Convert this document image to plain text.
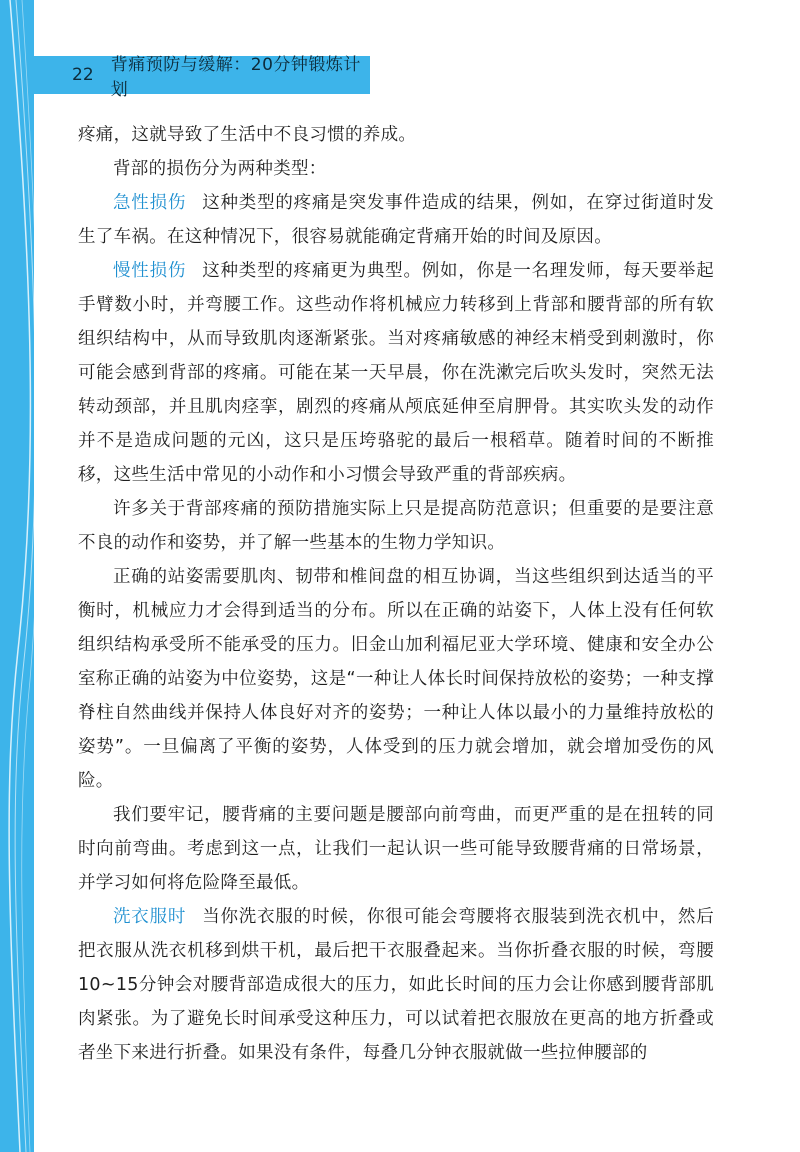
22	背痛预防与缓解：20分钟锻炼计划

疼痛，这就导致了生活中不良习惯的养成。

背部的损伤分为两种类型：

急性损伤 这种类型的疼痛是突发事件造成的结果，例如，在穿过街道时发生了车祸。在这种情况下，很容易就能确定背痛开始的时间及原因。

慢性损伤 这种类型的疼痛更为典型。例如，你是一名理发师，每天要举起手臂数小时，并弯腰工作。这些动作将机械应力转移到上背部和腰背部的所有软组织结构中，从而导致肌肉逐渐紧张。当对疼痛敏感的神经末梢受到刺激时，你可能会感到背部的疼痛。可能在某一天早晨，你在洗漱完后吹头发时，突然无法转动颈部，并且肌肉痉挛，剧烈的疼痛从颅底延伸至肩胛骨。其实吹头发的动作并不是造成问题的元凶，这只是压垮骆驼的最后一根稻草。随着时间的不断推移，这些生活中常见的小动作和小习惯会导致严重的背部疾病。

许多关于背部疼痛的预防措施实际上只是提高防范意识；但重要的是要注意不良的动作和姿势，并了解一些基本的生物力学知识。

正确的站姿需要肌肉、韧带和椎间盘的相互协调，当这些组织到达适当的平衡时，机械应力才会得到适当的分布。所以在正确的站姿下，人体上没有任何软组织结构承受所不能承受的压力。旧金山加利福尼亚大学环境、健康和安全办公室称正确的站姿为中位姿势，这是“一种让人体长时间保持放松的姿势；一种支撑脊柱自然曲线并保持人体良好对齐的姿势；一种让人体以最小的力量维持放松的姿势”。一旦偏离了平衡的姿势，人体受到的压力就会增加，就会增加受伤的风险。

我们要牢记，腰背痛的主要问题是腰部向前弯曲，而更严重的是在扭转的同时向前弯曲。考虑到这一点，让我们一起认识一些可能导致腰背痛的日常场景，并学习如何将危险降至最低。

洗衣服时 当你洗衣服的时候，你很可能会弯腰将衣服装到洗衣机中，然后把衣服从洗衣机移到烘干机，最后把干衣服叠起来。当你折叠衣服的时候，弯腰10~15分钟会对腰背部造成很大的压力，如此长时间的压力会让你感到腰背部肌肉紧张。为了避免长时间承受这种压力，可以试着把衣服放在更高的地方折叠或者坐下来进行折叠。如果没有条件，每叠几分钟衣服就做一些拉伸腰部的
